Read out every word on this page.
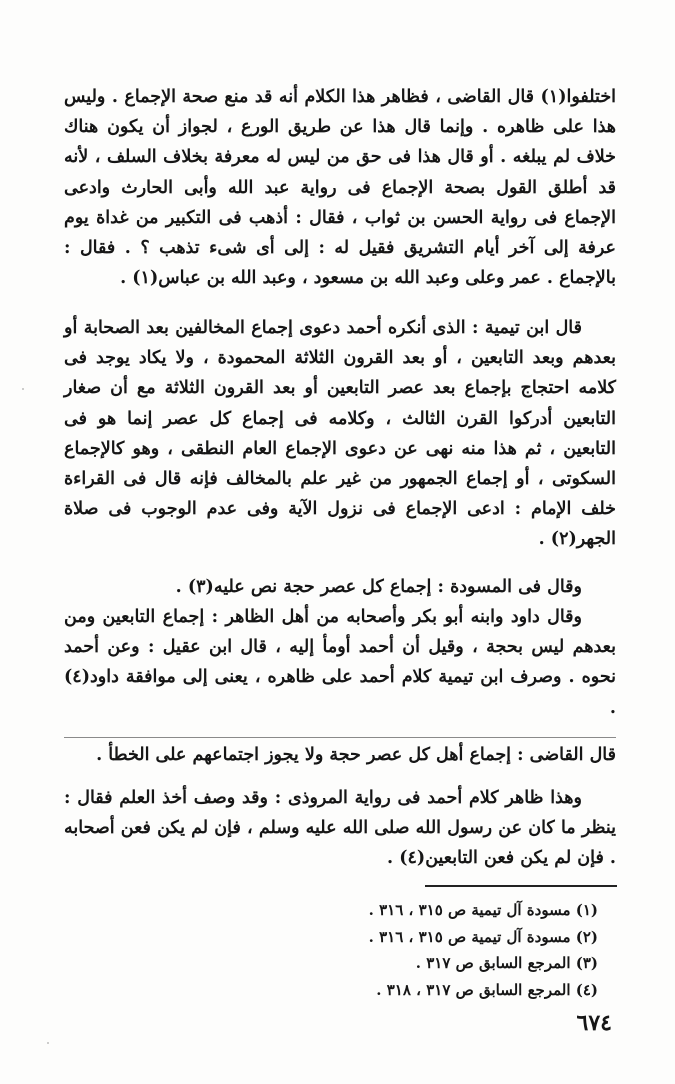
اختلفوا(١) قال القاضى ، فظاهر هذا الكلام أنه قد منع صحة الإجماع . وليس هذا على ظاهره . وإنما قال هذا عن طريق الورع ، لجواز أن يكون هناك خلاف لم يبلغه . أو قال هذا فى حق من ليس له معرفة بخلاف السلف ، لأنه قد أطلق القول بصحة الإجماع فى رواية عبد الله وأبى الحارث وادعى الإجماع فى رواية الحسن بن ثواب ، فقال : أذهب فى التكبير من غداة يوم عرفة إلى آخر أيام التشريق فقيل له : إلى أى شىء تذهب ؟ . فقال : بالإجماع . عمر وعلى وعبد الله بن مسعود ، وعبد الله بن عباس(١) .

قال ابن تيمية : الذى أنكره أحمد دعوى إجماع المخالفين بعد الصحابة أو بعدهم وبعد التابعين ، أو بعد القرون الثلاثة المحمودة ، ولا يكاد يوجد فى كلامه احتجاج بإجماع بعد عصر التابعين أو بعد القرون الثلاثة مع أن صغار التابعين أدركوا القرن الثالث ، وكلامه فى إجماع كل عصر إنما هو فى التابعين ، ثم هذا منه نهى عن دعوى الإجماع العام النطقى ، وهو كالإجماع السكوتى ، أو إجماع الجمهور من غير علم بالمخالف فإنه قال فى القراءة خلف الإمام : ادعى الإجماع فى نزول الآية وفى عدم الوجوب فى صلاة الجهر(٢) .

وقال فى المسودة : إجماع كل عصر حجة نص عليه(٣) .

وقال داود وابنه أبو بكر وأصحابه من أهل الظاهر : إجماع التابعين ومن بعدهم ليس بحجة ، وقيل أن أحمد أومأ إليه ، قال ابن عقيل : وعن أحمد نحوه . وصرف ابن تيمية كلام أحمد على ظاهره ، يعنى إلى موافقة داود(٤) .

قال القاضى : إجماع أهل كل عصر حجة ولا يجوز اجتماعهم على الخطأ .

وهذا ظاهر كلام أحمد فى رواية المروذى : وقد وصف أخذ العلم فقال : ينظر ما كان عن رسول الله صلى الله عليه وسلم ، فإن لم يكن فعن أصحابه . فإن لم يكن فعن التابعين(٤) .

(١) مسودة آل تيمية ص ٣١٥ ، ٣١٦ .

(٢) مسودة آل تيمية ص ٣١٥ ، ٣١٦ .

(٣) المرجع السابق ص ٣١٧ .

(٤) المرجع السابق ص ٣١٧ ، ٣١٨ .

٦٧٤
